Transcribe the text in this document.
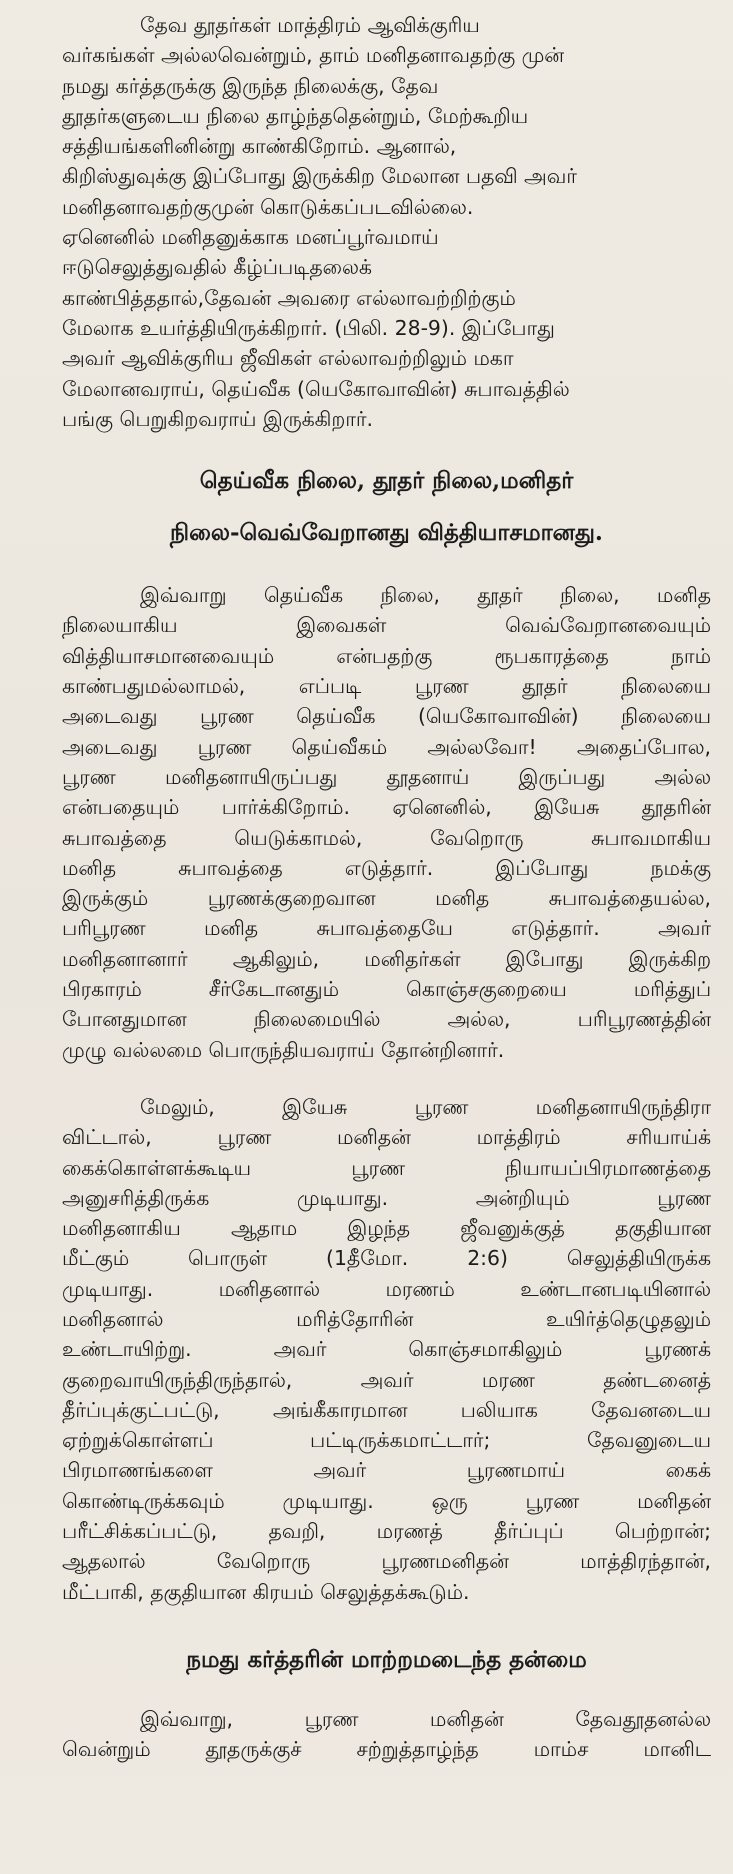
தேவ தூதர்கள் மாத்திரம் ஆவிக்குரிய
வர்கங்கள் அல்லவென்றும், தாம் மனிதனாவதற்கு முன்
நமது கர்த்தருக்கு இருந்த நிலைக்கு, தேவ
தூதர்களுடைய நிலை தாழ்ந்ததென்றும், மேற்கூறிய
சத்தியங்களினின்று காண்கிறோம். ஆனால்,
கிறிஸ்துவுக்கு இப்போது இருக்கிற மேலான பதவி அவர்
மனிதனாவதற்குமுன் கொடுக்கப்படவில்லை.
ஏனெனில் மனிதனுக்காக மனப்பூர்வமாய்
ஈடுசெலுத்துவதில் கீழ்ப்படிதலைக்
காண்பித்ததால்,தேவன் அவரை எல்லாவற்றிற்கும்
மேலாக உயர்த்தியிருக்கிறார். (பிலி. 28-9). இப்போது
அவர் ஆவிக்குரிய ஜீவிகள் எல்லாவற்றிலும் மகா
மேலானவராய், தெய்வீக (யெகோவாவின்) சுபாவத்தில்
பங்கு பெறுகிறவராய் இருக்கிறார்.

தெய்வீக நிலை, தூதர் நிலை,மனிதர்
நிலை-வெவ்வேறானது வித்தியாசமானது.

இவ்வாறு தெய்வீக நிலை, தூதர் நிலை, மனித
நிலையாகிய இவைகள் வெவ்வேறானவையும்
வித்தியாசமானவையும் என்பதற்கு ரூபகாரத்தை நாம்
காண்பதுமல்லாமல், எப்படி பூரண தூதர் நிலையை
அடைவது பூரண தெய்வீக (யெகோவாவின்) நிலையை
அடைவது பூரண தெய்வீகம் அல்லவோ! அதைப்போல,
பூரண மனிதனாயிருப்பது தூதனாய் இருப்பது அல்ல
என்பதையும் பார்க்கிறோம். ஏனெனில், இயேசு தூதரின்
சுபாவத்தை யெடுக்காமல், வேறொரு சுபாவமாகிய
மனித சுபாவத்தை எடுத்தார். இப்போது நமக்கு
இருக்கும் பூரணக்குறைவான மனித சுபாவத்தையல்ல,
பரிபூரண மனித சுபாவத்தையே எடுத்தார். அவர்
மனிதனானார் ஆகிலும், மனிதர்கள் இபோது இருக்கிற
பிரகாரம் சீர்கேடானதும் கொஞ்சகுறையை மரித்துப்
போனதுமான நிலைமையில் அல்ல, பரிபூரணத்தின்
முழு வல்லமை பொருந்தியவராய் தோன்றினார்.

மேலும், இயேசு பூரண மனிதனாயிருந்திரா
விட்டால், பூரண மனிதன் மாத்திரம் சரியாய்க்
கைக்கொள்ளக்கூடிய பூரண நியாயப்பிரமாணத்தை
அனுசரித்திருக்க முடியாது. அன்றியும் பூரண
மனிதனாகிய ஆதாம இழந்த ஜீவனுக்குத் தகுதியான
மீட்கும் பொருள் (1தீமோ. 2:6) செலுத்தியிருக்க
முடியாது. மனிதனால் மரணம் உண்டானபடியினால்
மனிதனால் மரித்தோரின் உயிர்த்தெழுதலும்
உண்டாயிற்று. அவர் கொஞ்சமாகிலும் பூரணக்
குறைவாயிருந்திருந்தால், அவர் மரண தண்டனைத்
தீர்ப்புக்குட்பட்டு, அங்கீகாரமான பலியாக தேவனடைய
ஏற்றுக்கொள்ளப் பட்டிருக்கமாட்டார்; தேவனுடைய
பிரமாணங்களை அவர் பூரணமாய் கைக்
கொண்டிருக்கவும் முடியாது. ஒரு பூரண மனிதன்
பரீட்சிக்கப்பட்டு, தவறி, மரணத் தீர்ப்புப் பெற்றான்;
ஆதலால் வேறொரு பூரணமனிதன் மாத்திரந்தான்,
மீட்பாகி, தகுதியான கிரயம் செலுத்தக்கூடும்.

நமது கர்த்தரின் மாற்றமடைந்த தன்மை

இவ்வாறு, பூரண மனிதன் தேவதூதனல்ல
வென்றும் தூதருக்குச் சற்றுத்தாழ்ந்த மாம்ச மானிட
